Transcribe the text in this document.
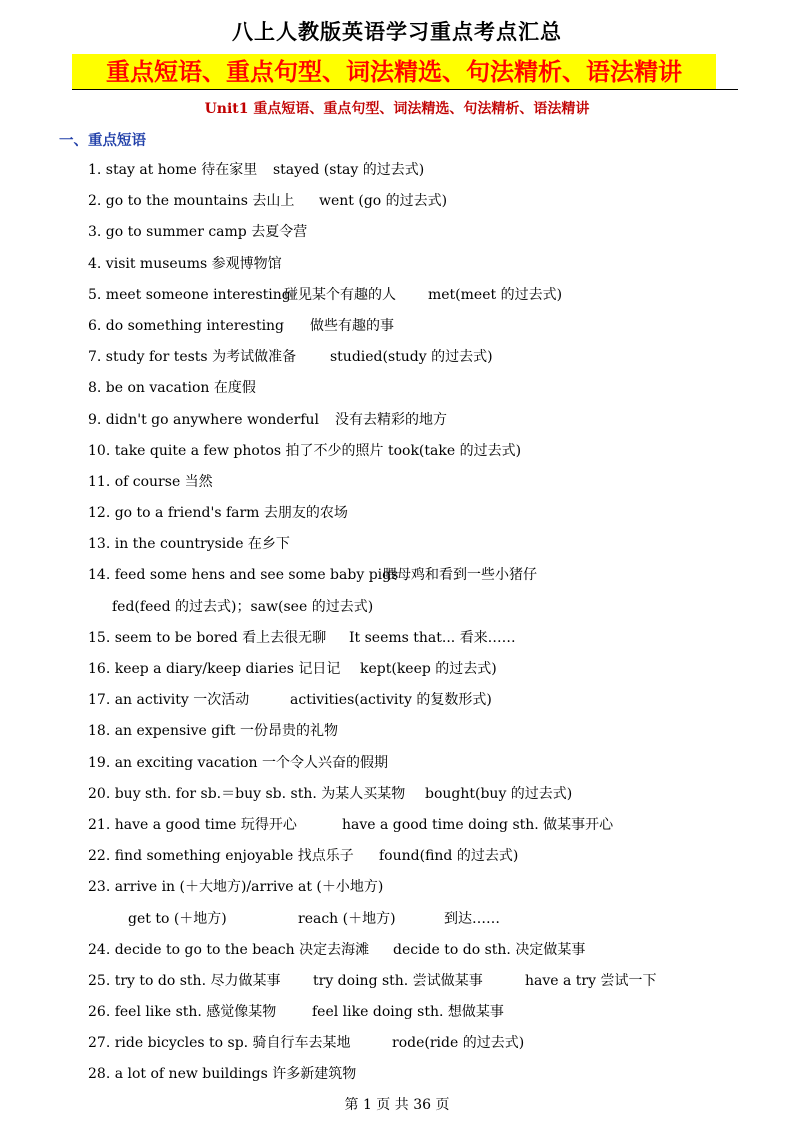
八上人教版英语学习重点考点汇总
重点短语、重点句型、词法精选、句法精析、语法精讲
Unit1 重点短语、重点句型、词法精选、句法精析、语法精讲
一、重点短语
1. stay at home 待在家里 stayed (stay 的过去式)
2. go to the mountains 去山上 went (go 的过去式)
3. go to summer camp 去夏令营
4. visit museums 参观博物馆
5. meet someone interesting
碰见某个有趣的人 met(meet 的过去式)
6. do something interesting 做些有趣的事
7. study for tests 为考试做准备 studied(study 的过去式)
8. be on vacation 在度假
9. didn't go anywhere wonderful 没有去精彩的地方
10. take quite a few photos 拍了不少的照片 took(take 的过去式)
11. of course 当然
12. go to a friend's farm 去朋友的农场
13. in the countryside 在乡下
14. feed some hens and see some baby pigs
喂母鸡和看到一些小猪仔
fed(feed 的过去式)；saw(see 的过去式)
15. seem to be bored 看上去很无聊 It seems that... 看来……
16. keep a diary/keep diaries 记日记 kept(keep 的过去式)
17. an activity 一次活动	activities(activity 的复数形式)
18. an expensive gift 一份昂贵的礼物
19. an exciting vacation 一个令人兴奋的假期
20. buy sth. for sb.＝buy sb. sth. 为某人买某物 bought(buy 的过去式)
21. have a good time 玩得开心	have a good time doing sth. 做某事开心
22. find something enjoyable 找点乐子 found(find 的过去式)
23. arrive in (＋大地方)/arrive at (＋小地方)
get to (＋地方)	reach (＋地方)	到达……
24. decide to go to the beach 决定去海滩 decide to do sth. 决定做某事
25. try to do sth. 尽力做某事 try doing sth. 尝试做某事	have a try 尝试一下
26. feel like sth. 感觉像某物	feel like doing sth. 想做某事
27. ride bicycles to sp. 骑自行车去某地	rode(ride 的过去式)
28. a lot of new buildings 许多新建筑物
第 1 页 共 36 页
